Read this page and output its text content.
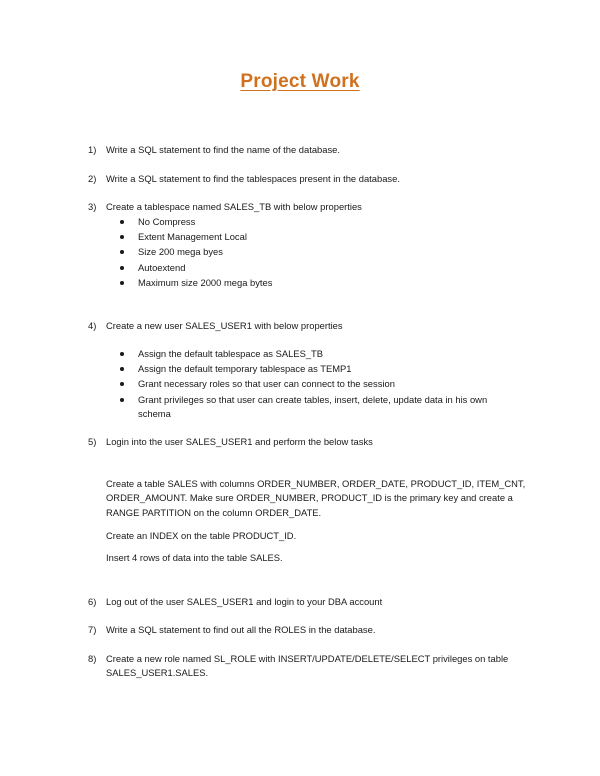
Project Work
1) Write a SQL statement to find the name of the database.
2) Write a SQL statement to find the tablespaces present in the database.
3) Create a tablespace named SALES_TB with below properties
No Compress
Extent Management Local
Size 200 mega byes
Autoextend
Maximum size 2000 mega bytes
4) Create a new user SALES_USER1 with below properties
Assign the default tablespace as SALES_TB
Assign the default temporary tablespace as TEMP1
Grant necessary roles so that user can connect to the session
Grant privileges so that user can create tables, insert, delete, update data in his own schema
5) Login into the user SALES_USER1 and perform the below tasks
Create a table SALES with columns ORDER_NUMBER, ORDER_DATE, PRODUCT_ID, ITEM_CNT, ORDER_AMOUNT. Make sure ORDER_NUMBER, PRODUCT_ID is the primary key and create a RANGE PARTITION on the column ORDER_DATE.
Create an INDEX on the table PRODUCT_ID.
Insert 4 rows of data into the table SALES.
6) Log out of the user SALES_USER1 and login to your DBA account
7) Write a SQL statement to find out all the ROLES in the database.
8) Create a new role named SL_ROLE with INSERT/UPDATE/DELETE/SELECT privileges on table SALES_USER1.SALES.
